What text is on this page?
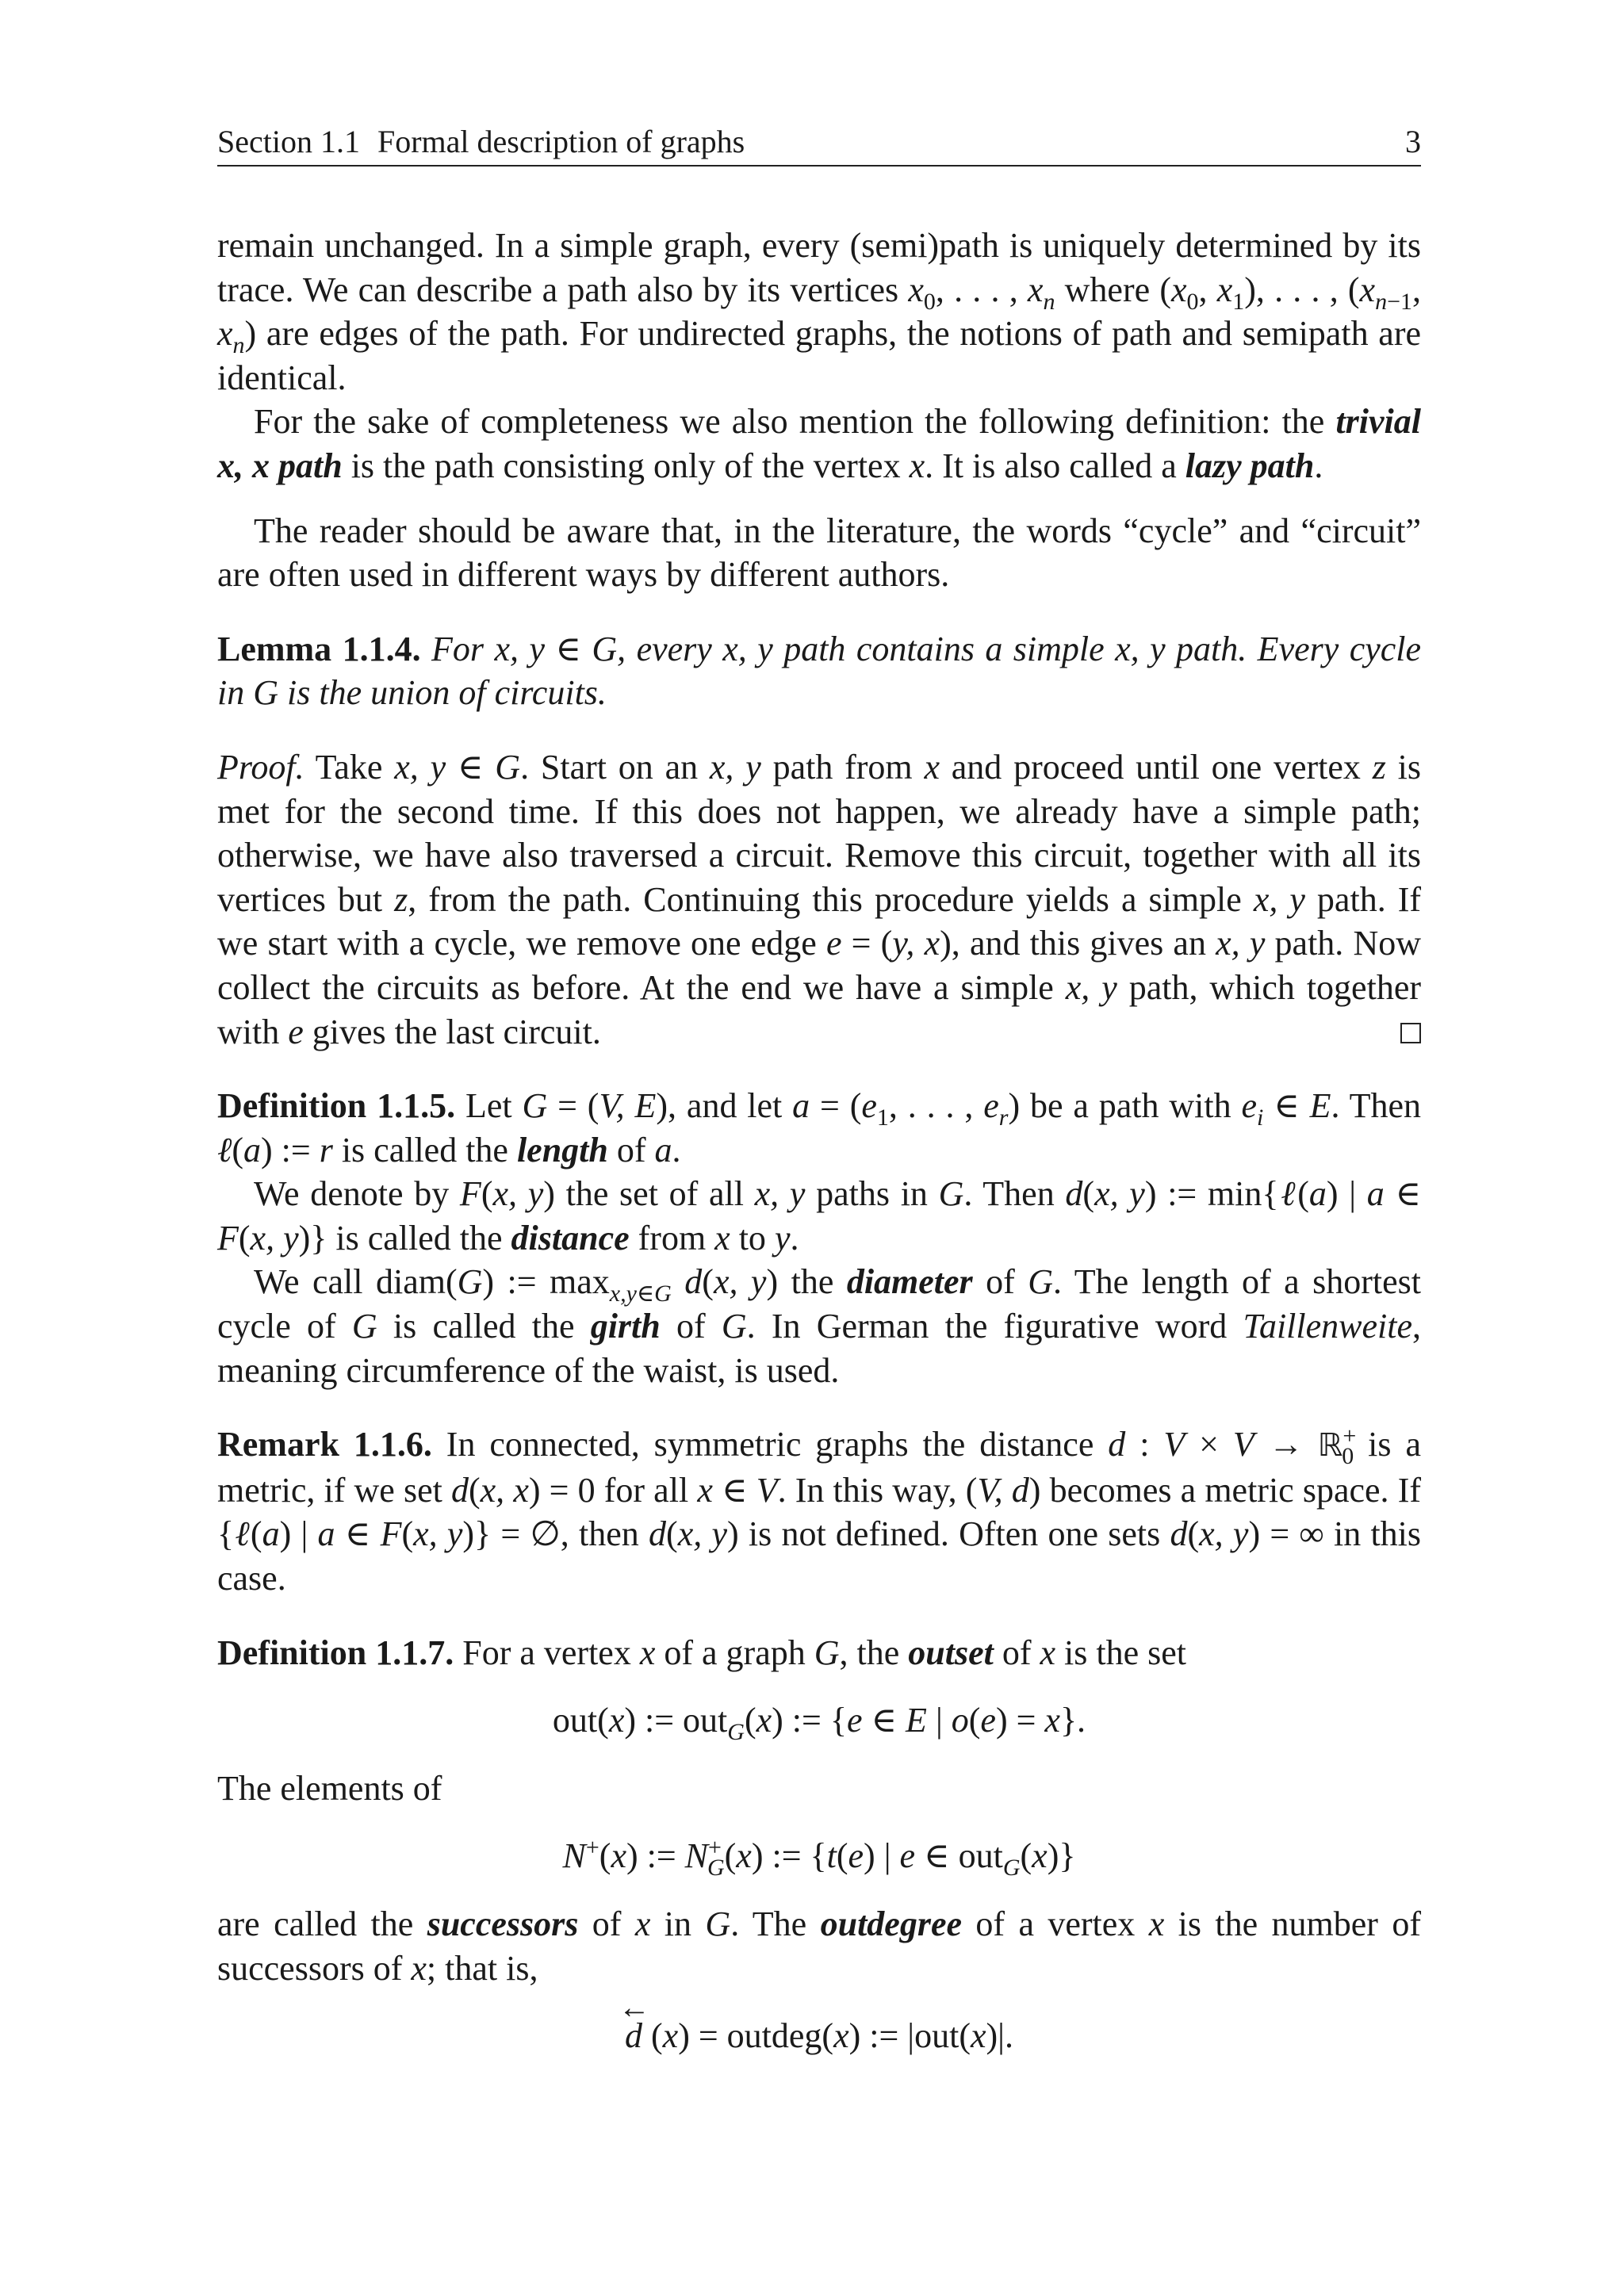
Section 1.1 Formal description of graphs	3

remain unchanged. In a simple graph, every (semi)path is uniquely determined by its trace. We can describe a path also by its vertices $x_0$, . . . , $x_n$ where ($x_0$, $x_1$), . . . , ($x_{n-1}$, $x_n$) are edges of the path. For undirected graphs, the notions of path and semipath are identical.

For the sake of completeness we also mention the following definition: the trivial x, x path is the path consisting only of the vertex x. It is also called a lazy path.

The reader should be aware that, in the literature, the words “cycle” and “circuit” are often used in different ways by different authors.

Lemma 1.1.4. For x, y ∈ G, every x, y path contains a simple x, y path. Every cycle in G is the union of circuits.

Proof. Take x, y ∈ G. Start on an x, y path from x and proceed until one vertex z is met for the second time. If this does not happen, we already have a simple path; otherwise, we have also traversed a circuit. Remove this circuit, together with all its vertices but z, from the path. Continuing this procedure yields a simple x, y path. If we start with a cycle, we remove one edge e = (y, x), and this gives an x, y path. Now collect the circuits as before. At the end we have a simple x, y path, which together with e gives the last circuit.

Definition 1.1.5. Let G = (V, E), and let $a = (e_1$, . . . , $e_r$) be a path with $e_i$ ∈ E. Then ℓ(a) := r is called the length of a.

We denote by F(x, y) the set of all x, y paths in G. Then d(x, y) := min{ℓ(a) | a ∈ F(x, y)} is called the distance from x to y.

We call diam(G) := $\max_{x,y\in G} d(x$, y) the diameter of G. The length of a shortest cycle of G is called the girth of G. In German the figurative word Taillenweite, meaning circumference of the waist, is used.

Remark 1.1.6. In connected, symmetric graphs the distance d : V × V → ℝ+$_0$ is a metric, if we set d(x, x) = 0 for all x ∈ V. In this way, (V, d) becomes a metric space. If {ℓ(a) | a ∈ F(x, y)} = ∅, then d(x, y) is not defined. Often one sets d(x, y) = ∞ in this case.

Definition 1.1.7. For a vertex x of a graph G, the outset of x is the set

out(x) := out$_G$(x) := {e ∈ E | o(e) = x}.

The elements of

N+(x) := $N^+_G(x)$ := {t(e) | e ∈ out$_G$(x)}

are called the successors of x in G. The outdegree of a vertex x is the number of successors of x; that is,

←
d (x) = outdeg(x) := |out(x)|.
